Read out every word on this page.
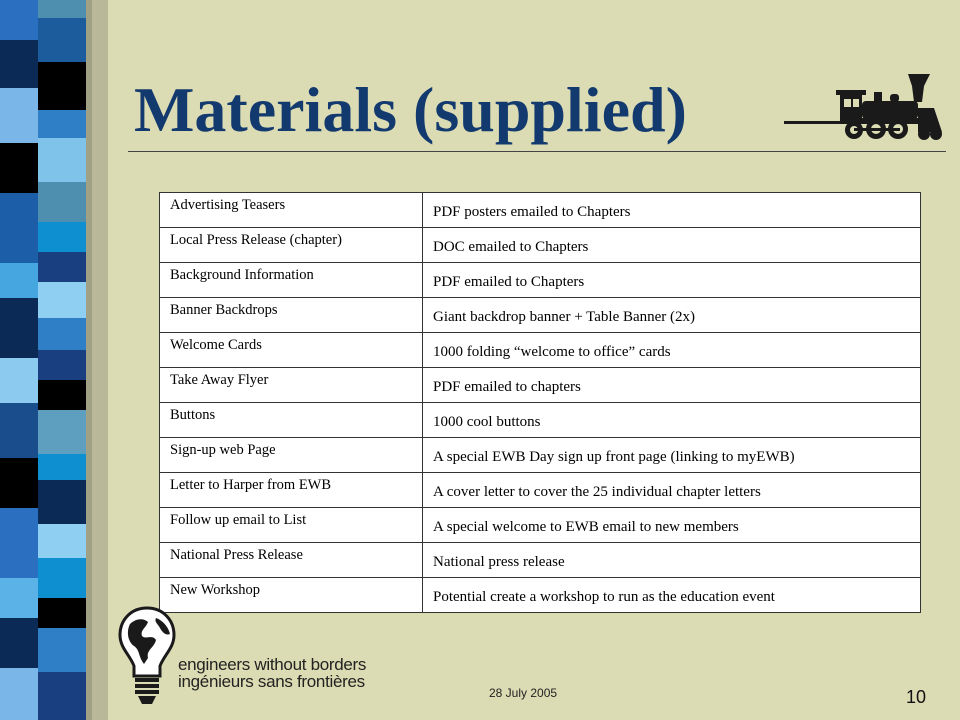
Materials (supplied)
Advertising Teasers	PDF posters emailed to Chapters
Local Press Release (chapter)	DOC emailed to Chapters
Background Information	PDF emailed to Chapters
Banner Backdrops	Giant backdrop banner + Table Banner (2x)
Welcome Cards	1000 folding “welcome to office” cards
Take Away Flyer	PDF emailed to chapters
Buttons	1000 cool buttons
Sign-up web Page	A special EWB Day sign up front page (linking to myEWB)
Letter to Harper from EWB	A cover letter to cover the 25 individual chapter letters
Follow up email to List	A special welcome to EWB email to new members
National Press Release	National press release
New Workshop	Potential create a workshop to run as the education event
engineers without borders
ingénieurs sans frontières
28 July 2005	10
